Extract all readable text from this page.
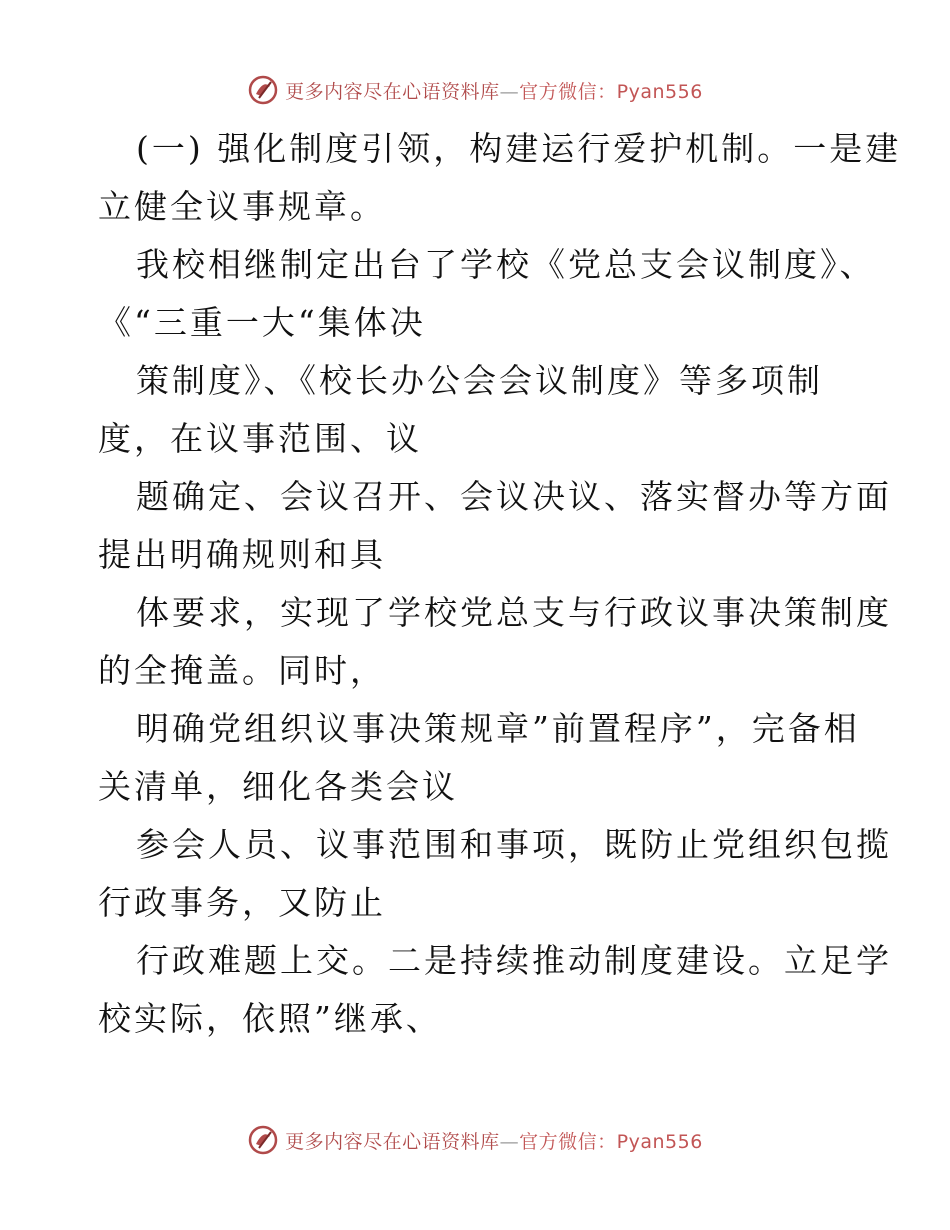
更多内容尽在心语资料库—官方微信：Pyan556
(一) 强化制度引领，构建运行爱护机制。一是建
立健全议事规章。
我校相继制定出台了学校《党总支会议制度》、
《“三重一大“集体决
策制度》、《校长办公会会议制度》等多项制
度，在议事范围、议
题确定、会议召开、会议决议、落实督办等方面
提出明确规则和具
体要求，实现了学校党总支与行政议事决策制度
的全掩盖。同时，
明确党组织议事决策规章”前置程序”，完备相
关清单，细化各类会议
参会人员、议事范围和事项，既防止党组织包揽
行政事务，又防止
行政难题上交。二是持续推动制度建设。立足学
校实际，依照”继承、
更多内容尽在心语资料库—官方微信：Pyan556
